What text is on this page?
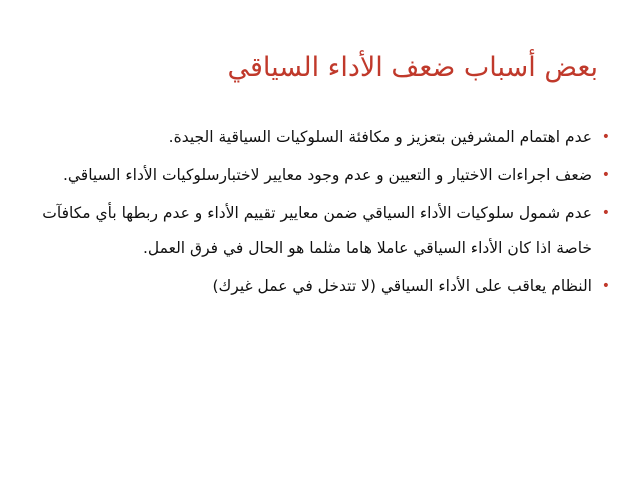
بعض أسباب ضعف الأداء السياقي
•
عدم اهتمام المشرفين بتعزيز و مكافئة السلوكيات السياقية الجيدة.
•
ضعف اجراءات الاختيار و التعيين و عدم وجود معايير لاختبارسلوكيات الأداء السياقي.
•
عدم شمول سلوكيات الأداء السياقي ضمن معايير تقييم الأداء و عدم ربطها بأي مكافآت خاصة اذا كان الأداء السياقي عاملا هاما مثلما هو الحال في فرق العمل.
•
النظام يعاقب على الأداء السياقي (لا تتدخل في عمل غيرك)
